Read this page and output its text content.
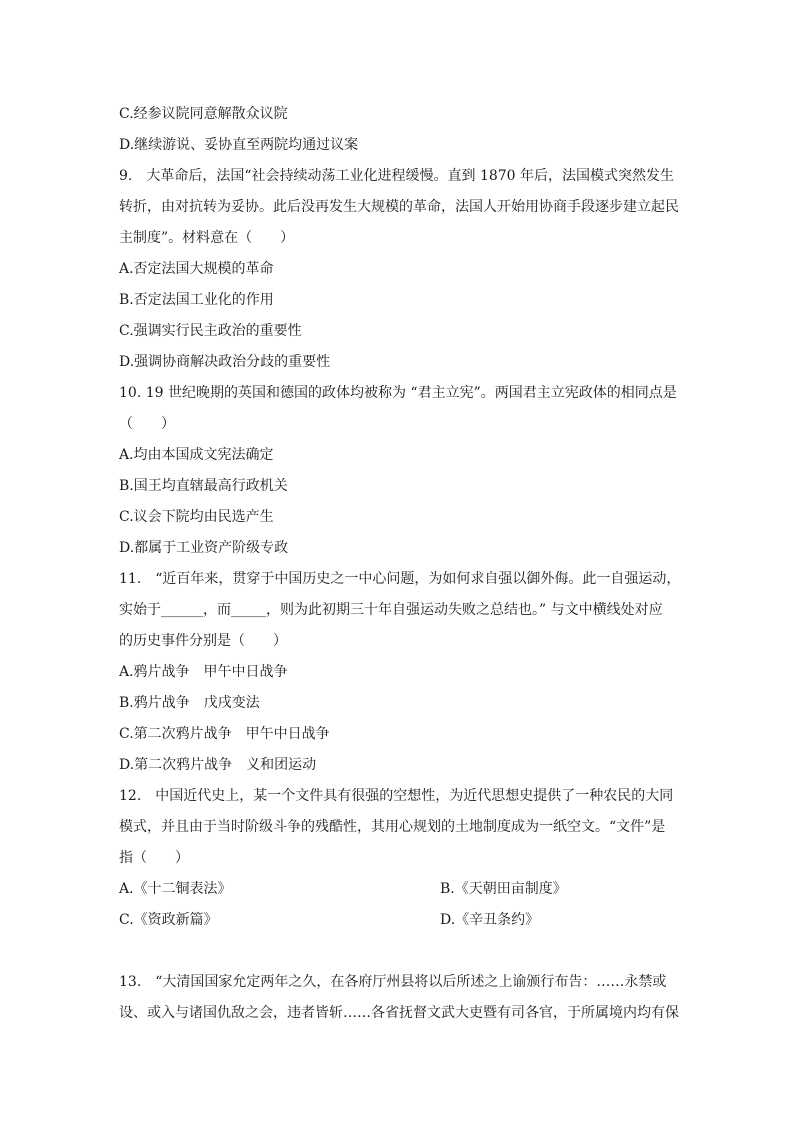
C.经参议院同意解散众议院
D.继续游说、妥协直至两院均通过议案
9.　大革命后，法国“社会持续动荡工业化进程缓慢。直到 1870 年后，法国模式突然发生
转折，由对抗转为妥协。此后没再发生大规模的革命，法国人开始用协商手段逐步建立起民
主制度”。材料意在（　　）
A.否定法国大规模的革命
B.否定法国工业化的作用
C.强调实行民主政治的重要性
D.强调协商解决政治分歧的重要性
10. 19 世纪晚期的英国和德国的政体均被称为 “君主立宪”。两国君主立宪政体的相同点是
（　　）
A.均由本国成文宪法确定
B.国王均直辖最高行政机关
C.议会下院均由民选产生
D.都属于工业资产阶级专政
11.　“近百年来，贯穿于中国历史之一中心问题，为如何求自强以御外侮。此一自强运动，
实始于______，而_____，则为此初期三十年自强运动失败之总结也。” 与文中横线处对应
的历史事件分别是（　　）
A.鸦片战争　甲午中日战争
B.鸦片战争　戊戌变法
C.第二次鸦片战争　甲午中日战争
D.第二次鸦片战争　义和团运动
12.　中国近代史上，某一个文件具有很强的空想性，为近代思想史提供了一种农民的大同
模式，并且由于当时阶级斗争的残酷性，其用心规划的土地制度成为一纸空文。“文件”是
指（　　）
A.《十二铜表法》	B.《天朝田亩制度》
C.《资政新篇》	D.《辛丑条约》
13.　“大清国国家允定两年之久，在各府厅州县将以后所述之上谕颁行布告：……永禁或
设、或入与诸国仇敌之会，违者皆斩……各省抚督文武大吏暨有司各官，于所属境内均有保
